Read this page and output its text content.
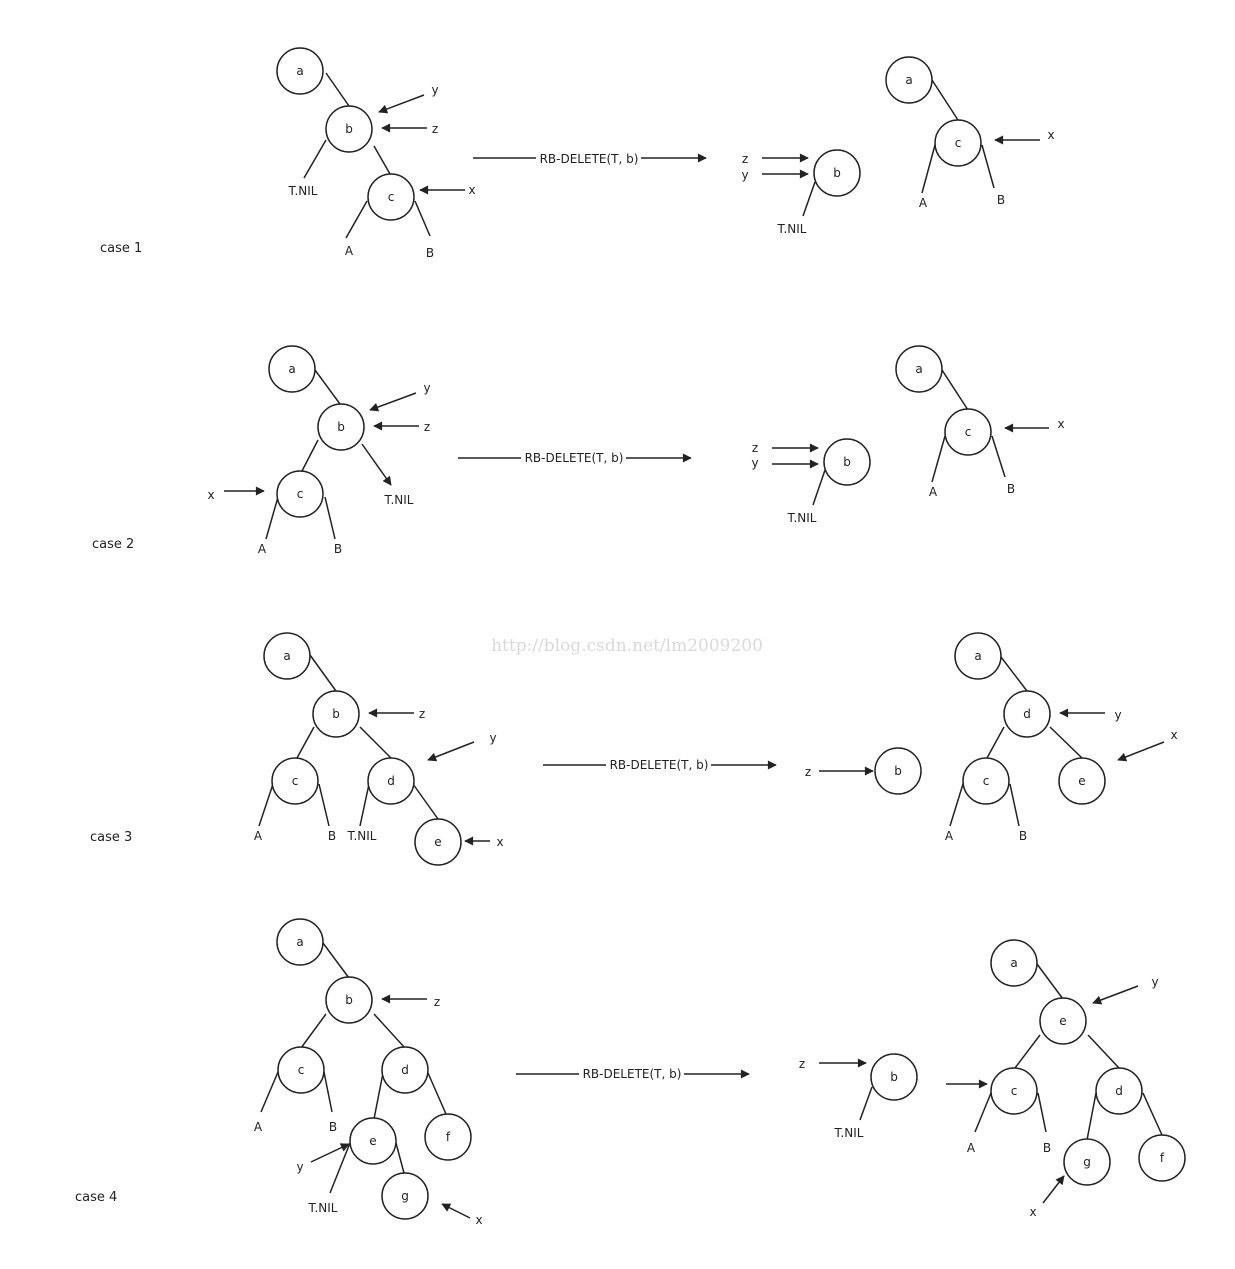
http://blog.csdn.net/lm2009200
case 1
a
b
c
T.NIL
A	B
y
z
x
RB-DELETE(T, b)
b
T.NIL
z
y
a
c
A	B
x
case 2
a
b
c	T.NIL
A	B
y
z
x
RB-DELETE(T, b)	b
T.NIL
z
y
a
c
A	B
x
case 3
a
b
c	d
e
A	B T.NIL
z
y
x
RB-DELETE(T, b)	b
z
a
d
c	e
A	B
y
x
case 4
a
b
c	d
e	f
g
A	B
T.NIL
z
y
x
RB-DELETE(T, b)	b
T.NIL
z
a
e
c	d
g	f
A	B
y
x
